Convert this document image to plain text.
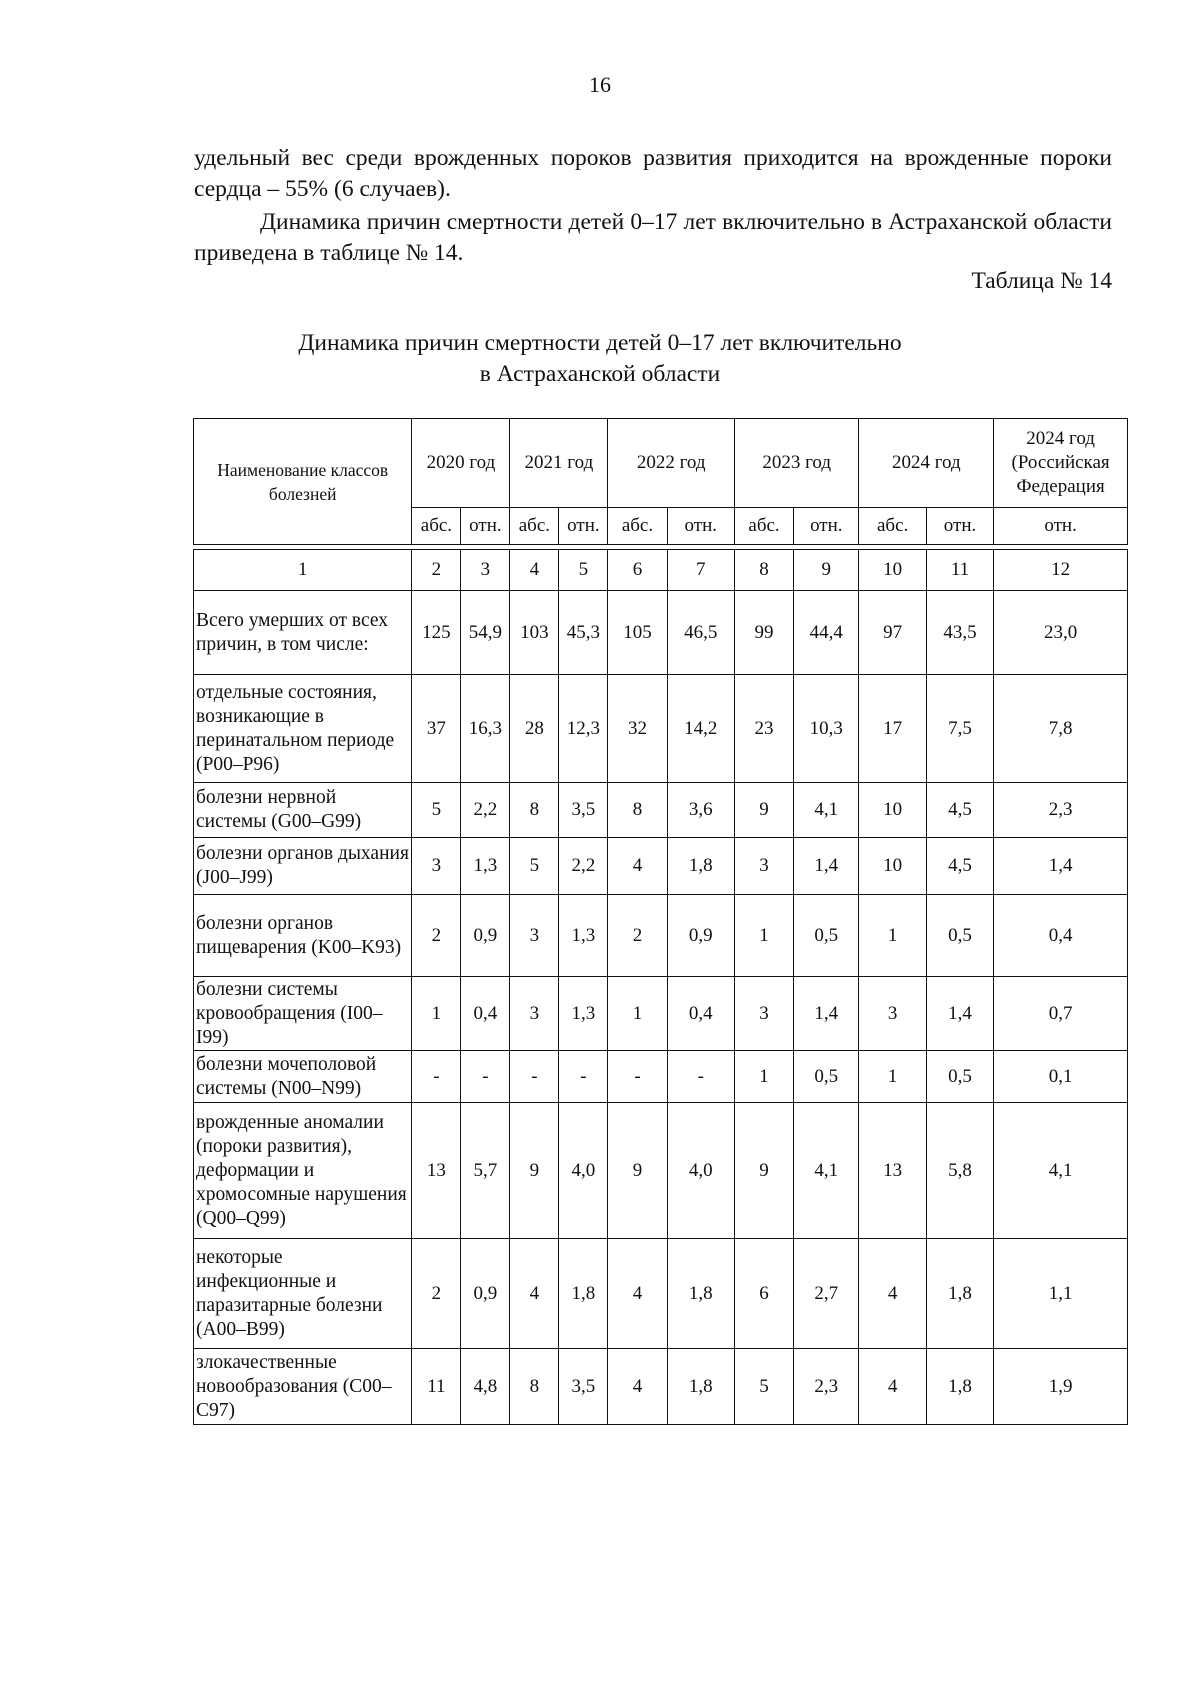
16
удельный вес среди врожденных пороков развития приходится на врожденные пороки сердца – 55% (6 случаев).
Динамика причин смертности детей 0–17 лет включительно в Астраханской области приведена в таблице № 14.
Таблица № 14
Динамика причин смертности детей 0–17 лет включительно
в Астраханской области
Наименование классов болезней	2020 год		2021 год		2022 год		2023 год		2024 год		2024 год (Российская Федерация
	абс.	отн.	абс.	отн.	абс.	отн.	абс.	отн.	абс.	отн.	отн.

1	2	3	4	5	6	7	8	9	10	11	12
Всего умерших от всех причин, в том числе:	125	54,9	103	45,3	105	46,5	99	44,4	97	43,5	23,0
отдельные состояния, возникающие в перинатальном периоде (P00–P96)	37	16,3	28	12,3	32	14,2	23	10,3	17	7,5	7,8
болезни нервной системы (G00–G99)	5	2,2	8	3,5	8	3,6	9	4,1	10	4,5	2,3
болезни органов дыхания (J00–J99)	3	1,3	5	2,2	4	1,8	3	1,4	10	4,5	1,4
болезни органов пищеварения (K00–K93)	2	0,9	3	1,3	2	0,9	1	0,5	1	0,5	0,4
болезни системы кровообращения (I00–I99)	1	0,4	3	1,3	1	0,4	3	1,4	3	1,4	0,7
болезни мочеполовой системы (N00–N99)	-	-	-	-	-	-	1	0,5	1	0,5	0,1
врожденные аномалии (пороки развития), деформации и хромосомные нарушения (Q00–Q99)	13	5,7	9	4,0	9	4,0	9	4,1	13	5,8	4,1
некоторые инфекционные и паразитарные болезни (A00–B99)	2	0,9	4	1,8	4	1,8	6	2,7	4	1,8	1,1
злокачественные новообразования (C00–C97)	11	4,8	8	3,5	4	1,8	5	2,3	4	1,8	1,9
